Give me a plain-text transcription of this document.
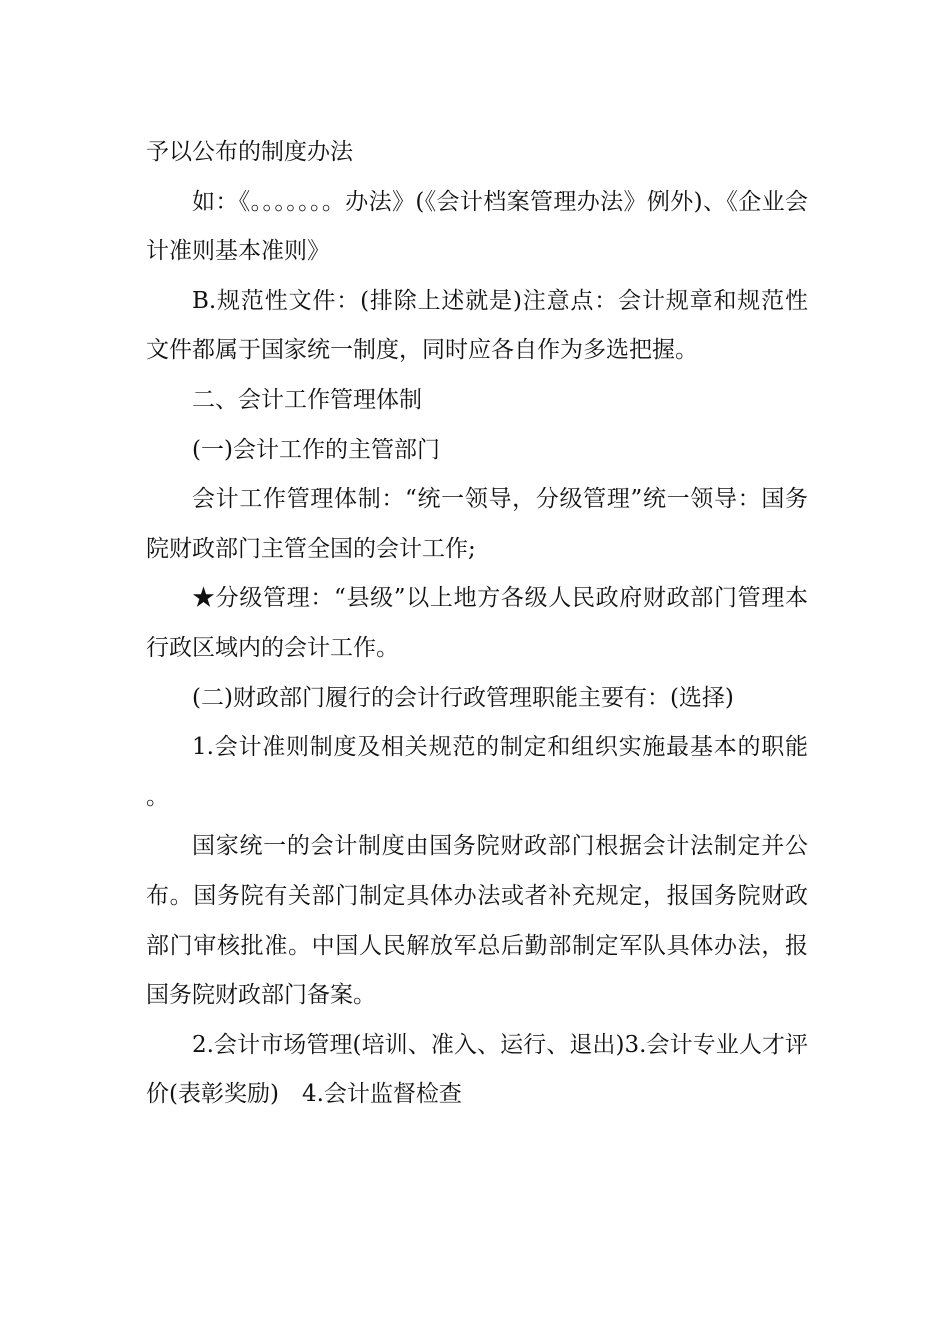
予以公布的制度办法

如：《。。。。。。。办法》(《会计档案管理办法》例外)、《企业会计准则基本准则》

B.规范性文件：(排除上述就是)注意点：会计规章和规范性文件都属于国家统一制度，同时应各自作为多选把握。

二、会计工作管理体制

(一)会计工作的主管部门

会计工作管理体制：“统一领导，分级管理”统一领导：国务院财政部门主管全国的会计工作;

★分级管理：“县级”以上地方各级人民政府财政部门管理本行政区域内的会计工作。

(二)财政部门履行的会计行政管理职能主要有：(选择)

1.会计准则制度及相关规范的制定和组织实施最基本的职能。

国家统一的会计制度由国务院财政部门根据会计法制定并公布。国务院有关部门制定具体办法或者补充规定，报国务院财政部门审核批准。中国人民解放军总后勤部制定军队具体办法，报国务院财政部门备案。

2.会计市场管理(培训、准入、运行、退出)3.会计专业人才评价(表彰奖励)　4.会计监督检查
